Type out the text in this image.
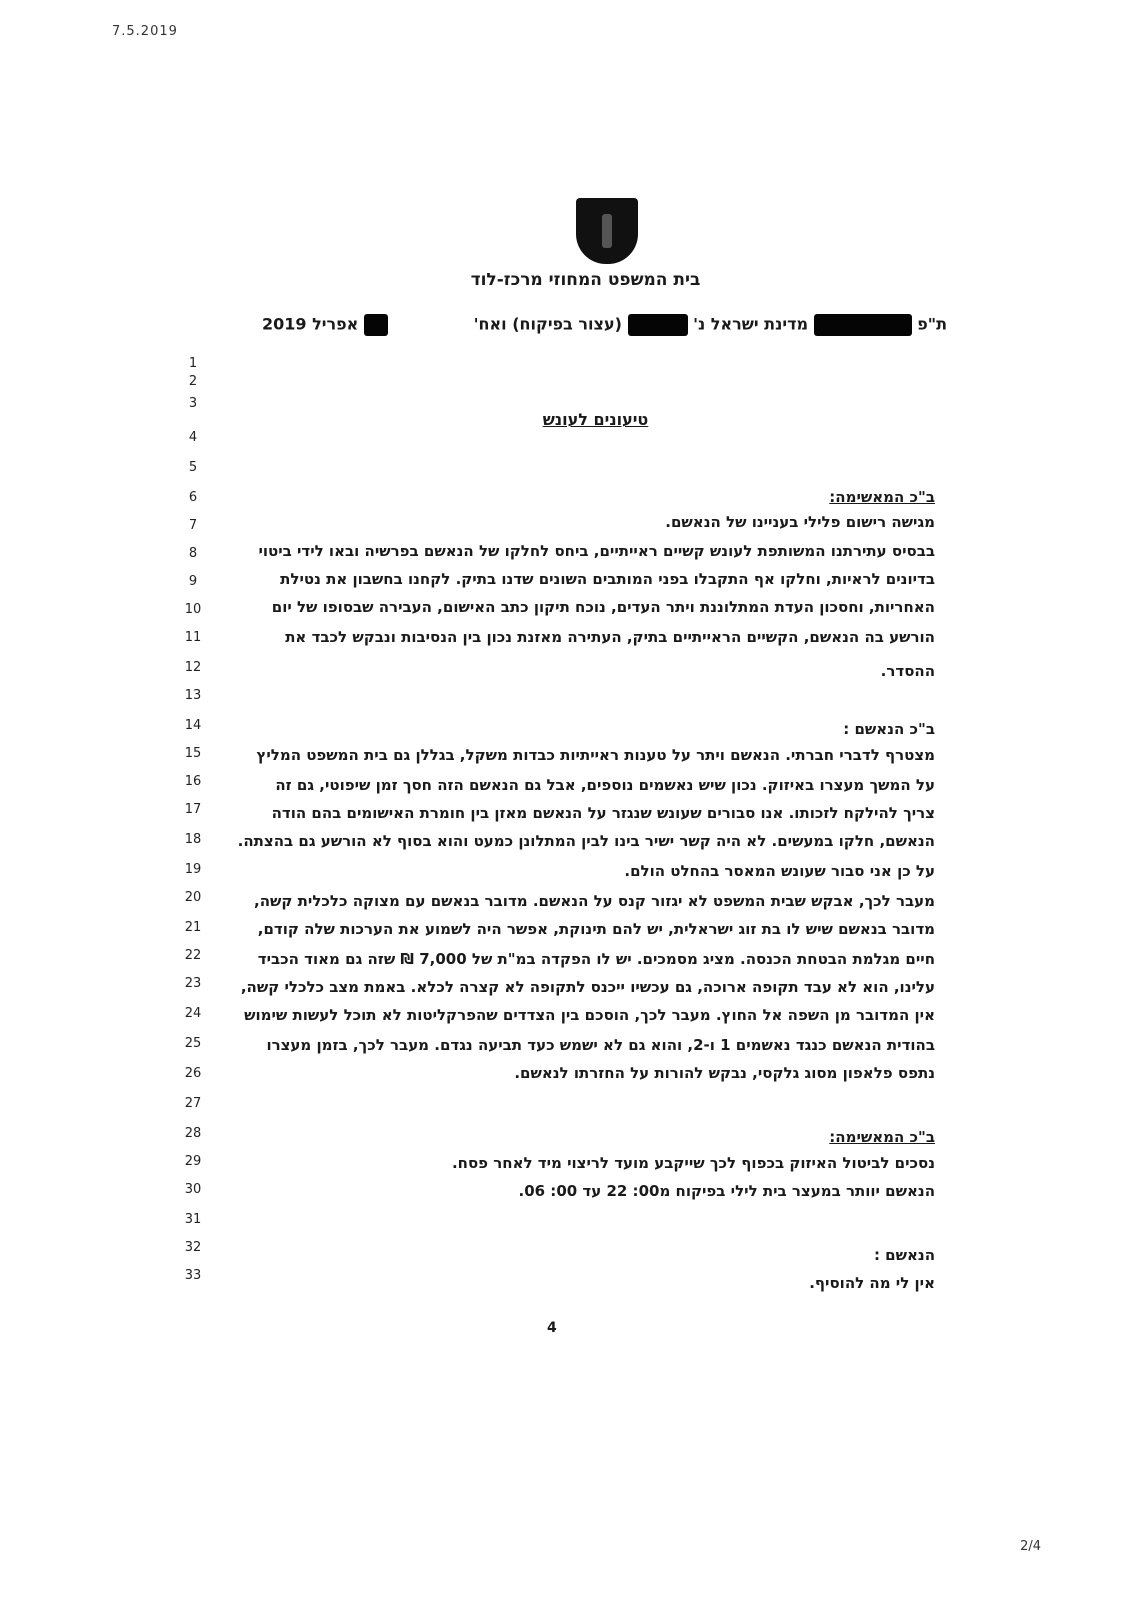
7.5.2019
בית המשפט המחוזי מרכז-לוד
ת"פ  מדינת ישראל נ'  (עצור בפיקוח) ואח'
אפריל 2019
טיעונים לעונש
1
2
3
4
5
6
7
8
9
10
11
12
13
14
15
16
17
18
19
20
21
22
23
24
25
26
27
28
29
30
31
32
33
ב"כ המאשימה:
מגישה רישום פלילי בעניינו של הנאשם.
בבסיס עתירתנו המשותפת לעונש קשיים ראייתיים, ביחס לחלקו של הנאשם בפרשיה ובאו לידי ביטוי
בדיונים לראיות, וחלקו אף התקבלו בפני המותבים השונים שדנו בתיק. לקחנו בחשבון את נטילת
האחריות, וחסכון העדת המתלוננת ויתר העדים, נוכח תיקון כתב האישום, העבירה שבסופו של יום
הורשע בה הנאשם, הקשיים הראייתיים בתיק, העתירה מאזנת נכון בין הנסיבות ונבקש לכבד את
ההסדר.
ב"כ הנאשם :
מצטרף לדברי חברתי. הנאשם ויתר על טענות ראייתיות כבדות משקל, בגללן גם בית המשפט המליץ
על המשך מעצרו באיזוק. נכון שיש נאשמים נוספים, אבל גם הנאשם הזה חסך זמן שיפוטי, גם זה
צריך להילקח לזכותו. אנו סבורים שעונש שנגזר על הנאשם מאזן בין חומרת האישומים בהם הודה
הנאשם, חלקו במעשים. לא היה קשר ישיר בינו לבין המתלונן כמעט והוא בסוף לא הורשע גם בהצתה.
על כן אני סבור שעונש המאסר בהחלט הולם.
מעבר לכך, אבקש שבית המשפט לא יגזור קנס על הנאשם. מדובר בנאשם עם מצוקה כלכלית קשה,
מדובר בנאשם שיש לו בת זוג ישראלית, יש להם תינוקת, אפשר היה לשמוע את הערכות שלה קודם,
חיים מגלמת הבטחת הכנסה. מציג מסמכים. יש לו הפקדה במ"ת של 7,000 ₪ שזה גם מאוד הכביד
עלינו, הוא לא עבד תקופה ארוכה, גם עכשיו ייכנס לתקופה לא קצרה לכלא. באמת מצב כלכלי קשה,
אין המדובר מן השפה אל החוץ. מעבר לכך, הוסכם בין הצדדים שהפרקליטות לא תוכל לעשות שימוש
בהודית הנאשם כנגד נאשמים 1 ו-2, והוא גם לא ישמש כעד תביעה נגדם. מעבר לכך, בזמן מעצרו
נתפס פלאפון מסוג גלקסי, נבקש להורות על החזרתו לנאשם.
ב"כ המאשימה:
נסכים לביטול האיזוק בכפוף לכך שייקבע מועד לריצוי מיד לאחר פסח.
הנאשם יוותר במעצר בית לילי בפיקוח מ00: 22 עד 00: 06.
הנאשם :
אין לי מה להוסיף.
4
2/4
